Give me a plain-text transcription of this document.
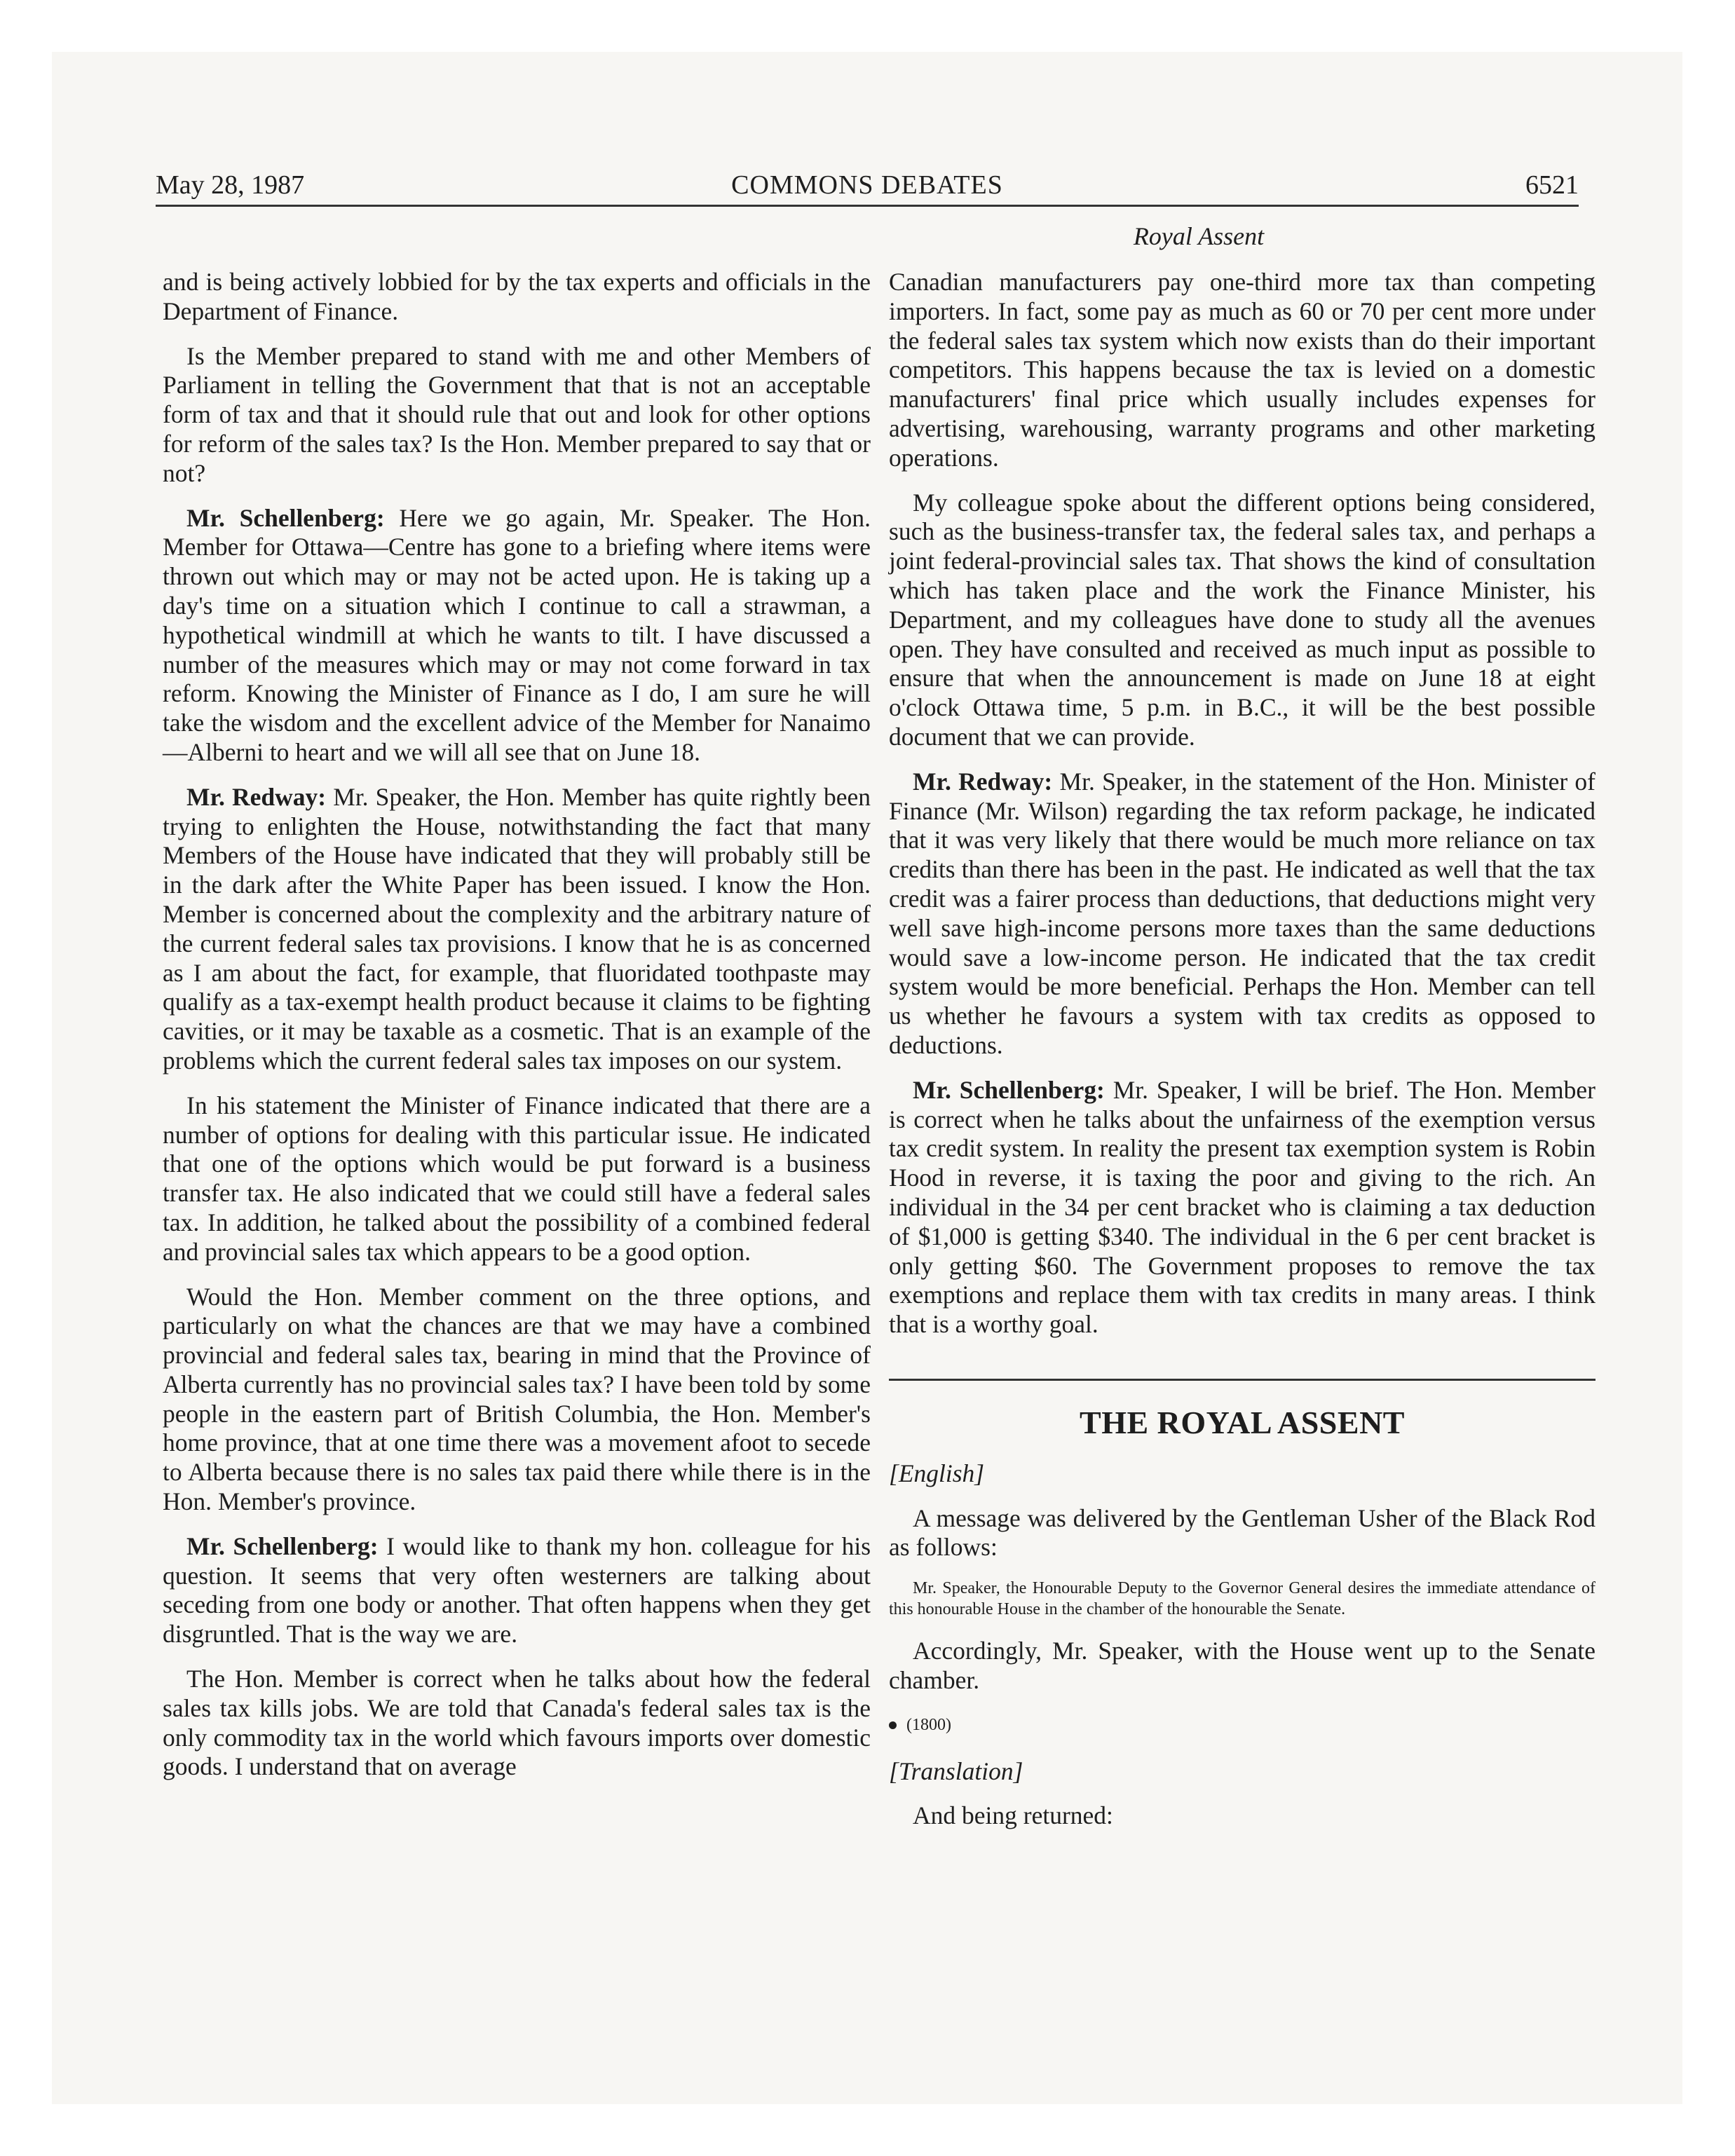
May 28, 1987	COMMONS DEBATES	6521
Royal Assent

and is being actively lobbied for by the tax experts and officials in the Department of Finance.

Is the Member prepared to stand with me and other Members of Parliament in telling the Government that that is not an acceptable form of tax and that it should rule that out and look for other options for reform of the sales tax? Is the Hon. Member prepared to say that or not?

Mr. Schellenberg: Here we go again, Mr. Speaker. The Hon. Member for Ottawa—Centre has gone to a briefing where items were thrown out which may or may not be acted upon. He is taking up a day's time on a situation which I continue to call a strawman, a hypothetical windmill at which he wants to tilt. I have discussed a number of the measures which may or may not come forward in tax reform. Knowing the Minister of Finance as I do, I am sure he will take the wisdom and the excellent advice of the Member for Nanaimo—Alberni to heart and we will all see that on June 18.

Mr. Redway: Mr. Speaker, the Hon. Member has quite rightly been trying to enlighten the House, notwithstanding the fact that many Members of the House have indicated that they will probably still be in the dark after the White Paper has been issued. I know the Hon. Member is concerned about the complexity and the arbitrary nature of the current federal sales tax provisions. I know that he is as concerned as I am about the fact, for example, that fluoridated toothpaste may qualify as a tax-exempt health product because it claims to be fighting cavities, or it may be taxable as a cosmetic. That is an example of the problems which the current federal sales tax imposes on our system.

In his statement the Minister of Finance indicated that there are a number of options for dealing with this particular issue. He indicated that one of the options which would be put forward is a business transfer tax. He also indicated that we could still have a federal sales tax. In addition, he talked about the possibility of a combined federal and provincial sales tax which appears to be a good option.

Would the Hon. Member comment on the three options, and particularly on what the chances are that we may have a combined provincial and federal sales tax, bearing in mind that the Province of Alberta currently has no provincial sales tax? I have been told by some people in the eastern part of British Columbia, the Hon. Member's home province, that at one time there was a movement afoot to secede to Alberta because there is no sales tax paid there while there is in the Hon. Member's province.

Mr. Schellenberg: I would like to thank my hon. colleague for his question. It seems that very often westerners are talking about seceding from one body or another. That often happens when they get disgruntled. That is the way we are.

The Hon. Member is correct when he talks about how the federal sales tax kills jobs. We are told that Canada's federal sales tax is the only commodity tax in the world which favours imports over domestic goods. I understand that on average

Canadian manufacturers pay one-third more tax than competing importers. In fact, some pay as much as 60 or 70 per cent more under the federal sales tax system which now exists than do their important competitors. This happens because the tax is levied on a domestic manufacturers' final price which usually includes expenses for advertising, warehousing, warranty programs and other marketing operations.

My colleague spoke about the different options being considered, such as the business-transfer tax, the federal sales tax, and perhaps a joint federal-provincial sales tax. That shows the kind of consultation which has taken place and the work the Finance Minister, his Department, and my colleagues have done to study all the avenues open. They have consulted and received as much input as possible to ensure that when the announcement is made on June 18 at eight o'clock Ottawa time, 5 p.m. in B.C., it will be the best possible document that we can provide.

Mr. Redway: Mr. Speaker, in the statement of the Hon. Minister of Finance (Mr. Wilson) regarding the tax reform package, he indicated that it was very likely that there would be much more reliance on tax credits than there has been in the past. He indicated as well that the tax credit was a fairer process than deductions, that deductions might very well save high-income persons more taxes than the same deductions would save a low-income person. He indicated that the tax credit system would be more beneficial. Perhaps the Hon. Member can tell us whether he favours a system with tax credits as opposed to deductions.

Mr. Schellenberg: Mr. Speaker, I will be brief. The Hon. Member is correct when he talks about the unfairness of the exemption versus tax credit system. In reality the present tax exemption system is Robin Hood in reverse, it is taxing the poor and giving to the rich. An individual in the 34 per cent bracket who is claiming a tax deduction of $1,000 is getting $340. The individual in the 6 per cent bracket is only getting $60. The Government proposes to remove the tax exemptions and replace them with tax credits in many areas. I think that is a worthy goal.

THE ROYAL ASSENT

[English]

A message was delivered by the Gentleman Usher of the Black Rod as follows:

Mr. Speaker, the Honourable Deputy to the Governor General desires the immediate attendance of this honourable House in the chamber of the honourable the Senate.

Accordingly, Mr. Speaker, with the House went up to the Senate chamber.

(1800)

[Translation]

And being returned:
